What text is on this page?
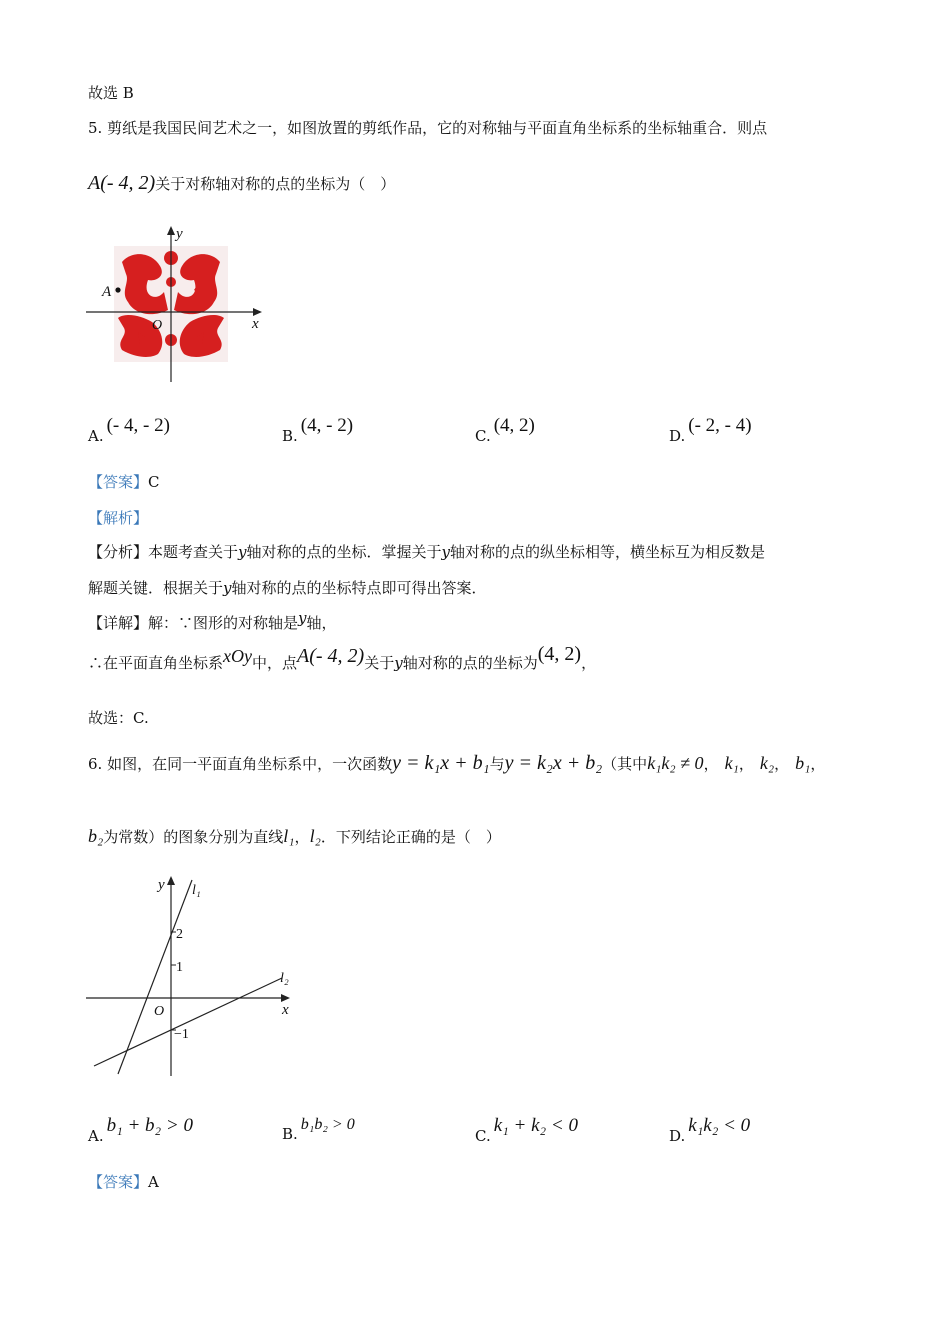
故选 B
5. 剪纸是我国民间艺术之一，如图放置的剪纸作品，它的对称轴与平面直角坐标系的坐标轴重合．则点
A(- 4, 2)关于对称轴对称的点的坐标为（　）
A
y
x
O
A. (- 4, - 2)	B. (4, - 2)	C. (4, 2)	D. (- 2, - 4)
【答案】C
【解析】
【分析】本题考查关于y轴对称的点的坐标．掌握关于y轴对称的点的纵坐标相等，横坐标互为相反数是
解题关键．根据关于y轴对称的点的坐标特点即可得出答案．
【详解】解：∵图形的对称轴是y轴，
∴在平面直角坐标系xOy中，点A(- 4, 2)关于y轴对称的点的坐标为(4, 2)，
故选：C.
6. 如图，在同一平面直角坐标系中，一次函数y = k₁x + b₁与y = k₂x + b₂（其中k₁k₂ ≠ 0， k₁， k₂， b₁，
b₂为常数）的图象分别为直线l₁，l₂．下列结论正确的是（　）
y l₁
l₂
x
O
2
1
−1
A. b₁ + b₂ > 0	B.b₁b₂ > 0
C. k₁ + k₂ < 0	D. k₁k₂ < 0
【答案】A
